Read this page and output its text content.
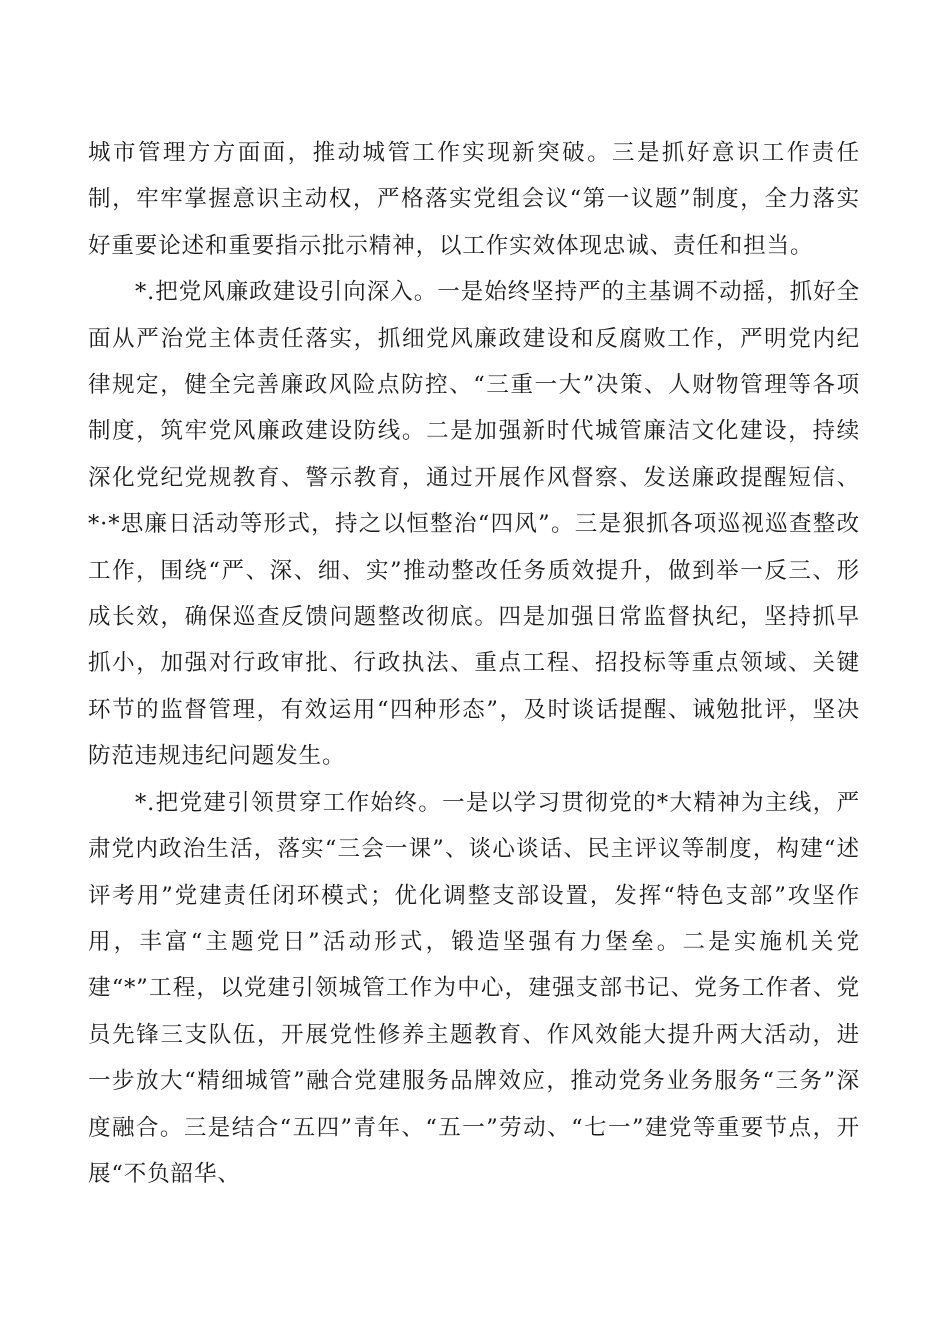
城市管理方方面面，推动城管工作实现新突破。三是抓好意识工作责任制，牢牢掌握意识主动权，严格落实党组会议“第一议题”制度，全力落实好重要论述和重要指示批示精神，以工作实效体现忠诚、责任和担当。

*.把党风廉政建设引向深入。一是始终坚持严的主基调不动摇，抓好全面从严治党主体责任落实，抓细党风廉政建设和反腐败工作，严明党内纪律规定，健全完善廉政风险点防控、“三重一大”决策、人财物管理等各项制度，筑牢党风廉政建设防线。二是加强新时代城管廉洁文化建设，持续深化党纪党规教育、警示教育，通过开展作风督察、发送廉政提醒短信、*·*思廉日活动等形式，持之以恒整治“四风”。三是狠抓各项巡视巡查整改工作，围绕“严、深、细、实”推动整改任务质效提升，做到举一反三、形成长效，确保巡查反馈问题整改彻底。四是加强日常监督执纪，坚持抓早抓小，加强对行政审批、行政执法、重点工程、招投标等重点领域、关键环节的监督管理，有效运用“四种形态”，及时谈话提醒、诫勉批评，坚决防范违规违纪问题发生。

*.把党建引领贯穿工作始终。一是以学习贯彻党的*大精神为主线，严肃党内政治生活，落实“三会一课”、谈心谈话、民主评议等制度，构建“述评考用”党建责任闭环模式；优化调整支部设置，发挥“特色支部”攻坚作用，丰富“主题党日”活动形式，锻造坚强有力堡垒。二是实施机关党建“*”工程，以党建引领城管工作为中心，建强支部书记、党务工作者、党员先锋三支队伍，开展党性修养主题教育、作风效能大提升两大活动，进一步放大“精细城管”融合党建服务品牌效应，推动党务业务服务“三务”深度融合。三是结合“五四”青年、“五一”劳动、“七一”建党等重要节点，开展“不负韶华、
